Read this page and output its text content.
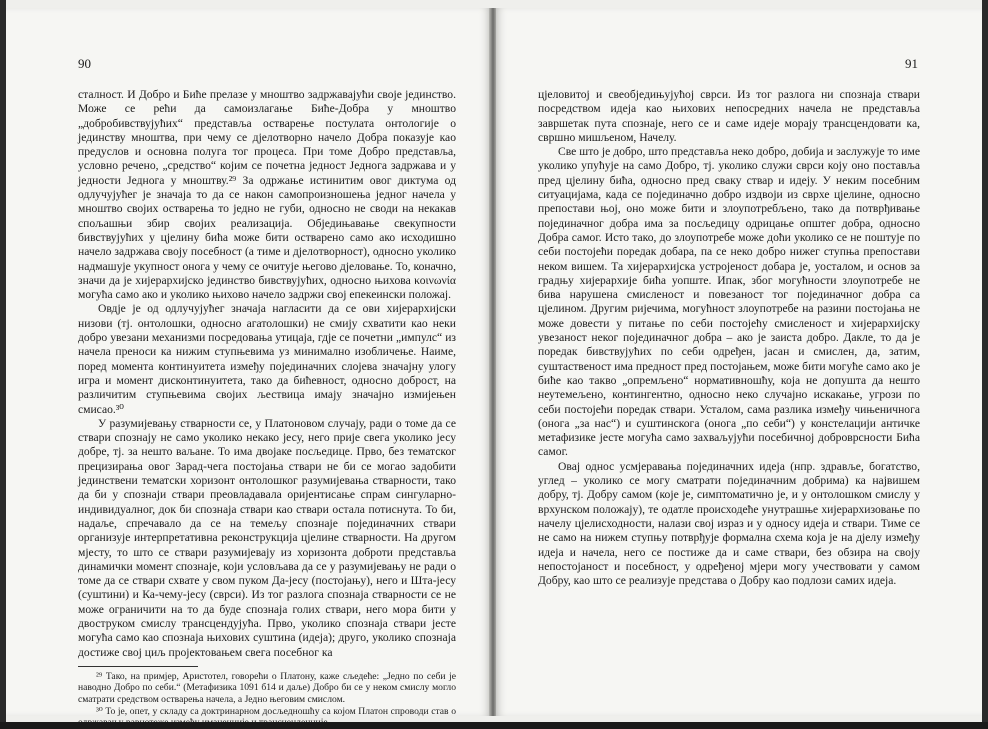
90

сталност. И Добро и Биће прелазе у мноштво задржавајући своје јединство. Може се рећи да самоизлагање Биће-Добра у мноштво „добробивствујућих“ представља остварење постулата онтологије о јединству мноштва, при чему се дјелотворно начело Добра показује као предуслов и основна полуга тог процеса. При томе Добро представља, условно речено, „средство“ којим се почетна једност Једнога задржава и у једности Једнога у мноштву.²⁹ За одржање истинитим овог диктума од одлучујућег је значаја то да се након самопроизношења једног начела у мноштво својих остварења то једно не губи, односно не своди на некакав спољашњи збир својих реализација. Обједињавање свекупности бивствујућих у цјелину бића може бити остварено само ако исходишно начело задржава своју посебност (а тиме и дјелотворност), односно уколико надмашује укупност онога у чему се очитује његово дјеловање. То, коначно, значи да је хијерархијско јединство бивствујућих, односно њихова κοινωνία могућа само ако и уколико њихово начело задржи свој епекеински положај.

Овдје је од одлучујућег значаја нагласити да се ови хијерархијски низови (тј. онтолошки, односно агатолошки) не смију схватити као неки добро увезани механизми посредовања утицаја, гдје се почетни „импулс“ из начела преноси ка нижим ступњевима уз минимално изобличење. Наиме, поред момента континуитета између појединачних слојева значајну улогу игра и момент дисконтинуитета, тако да бићевност, односно доброст, на различитим ступњевима својих љествица имају значајно измијењен смисао.³⁰

У разумијевању стварности се, у Платоновом случају, ради о томе да се ствари спознају не само уколико некако јесу, него прије свега уколико јесу добре, тј. за нешто ваљане. То има двојаке посљедице. Прво, без тематског прецизирања овог Зарад-чега постојања ствари не би се могао задобити јединствени тематски хоризонт онтолошког разумијевања стварности, тако да би у спознаји ствари преовладавала оријентисање спрам сингуларно-индивидуалног, док би спознаја ствари као ствари остала потиснута. То би, надаље, спречавало да се на темељу спознаје појединачних ствари организује интерпретативна реконструкција цјелине стварности. На другом мјесту, то што се ствари разумијевају из хоризонта доброти представља динамички момент спознаје, који условљава да се у разумијевању не ради о томе да се ствари схвате у свом пуком Да-јесу (постојању), него и Шта-јесу (суштини) и Ка-чему-јесу (сврси). Из тог разлога спознаја стварности се не може ограничити на то да буде спознаја голих ствари, него мора бити у двоструком смислу трансцендујућа. Прво, уколико спознаја ствари јесте могућа само као спознаја њихових суштина (идеја); друго, уколико спознаја достиже свој циљ пројектовањем свега посебног ка

²⁹ Тако, на примјер, Аристотел, говорећи о Платону, каже сљедеће: „Једно по себи је наводно Добро по себи.“ (Метафизика 1091 б14 и даље) Добро би се у неком смислу могло сматрати средством остварења начела, а Једно његовим смислом.

³⁰ То је, опет, у складу са доктринарном досљедношћу са којом Платон спроводи став о одржавању равнотеже између иманенције и трансценденције.

91

цјеловитој и свеобједињујућој сврси. Из тог разлога ни спознаја ствари посредством идеја као њихових непосредних начела не представља завршетак пута спознаје, него се и саме идеје морају трансцендовати ка, свршно мишљеном, Начелу.

Све што је добро, што представља неко добро, добија и заслужује то име уколико упућује на само Добро, тј. уколико служи сврси коју оно поставља пред цјелину бића, односно пред сваку ствар и идеју. У неким посебним ситуацијама, када се појединачно добро издвоји из сврхе цјелине, односно препостави њој, оно може бити и злоупотребљено, тако да потврђивање појединачног добра има за посљедицу одрицање општег добра, односно Добра самог. Исто тако, до злоупотребе може доћи уколико се не поштује по себи постојећи поредак добара, па се неко добро нижег ступња препостави неком вишем. Та хијерархијска устројеност добара је, уосталом, и основ за градњу хијерархије бића уопште. Ипак, због могућности злоупотребе не бива нарушена смисленост и повезаност тог појединачног добра са цјелином. Другим ријечима, могућност злоупотребе на разини постојања не може довести у питање по себи постојећу смисленост и хијерархијску увезаност неког појединачног добра – ако је заиста добро. Дакле, то да је поредак бивствујућих по себи одређен, јасан и смислен, да, затим, суштаственост има предност пред постојањем, може бити могуће само ако је биће као такво „опремљено“ нормативношћу, која не допушта да нешто неутемељено, контингентно, односно нeко случајно искакање, угрози по себи постојећи поредак ствари. Усталом, сама разлика између чињеничнога (онога „за нас“) и суштинскога (онога „по себи“) у констелацији античке метафизике јесте могућа само захваљујући посебичној доброврсности Бића самог.

Овај однос усмјеравања појединачних идеја (нпр. здравље, богатство, углед – уколико се могу сматрати појединачним добрима) ка највишем добру, тј. Добру самом (које је, симптоматично је, и у онтолошком смислу у врхунском положају), те одатле происходеће унутрашње хијерархизовање по начелу цјелисходности, налази свој израз и у односу идеја и ствари. Тиме се не само на нижем ступњу потврђује формална схема која је на дјелу између идеја и начела, него се постиже да и саме ствари, без обзира на своју непостојаност и посебност, у одређеној мјери могу учествовати у самом Добру, као што се реализује представа о Добру као подлози самих идеја.
